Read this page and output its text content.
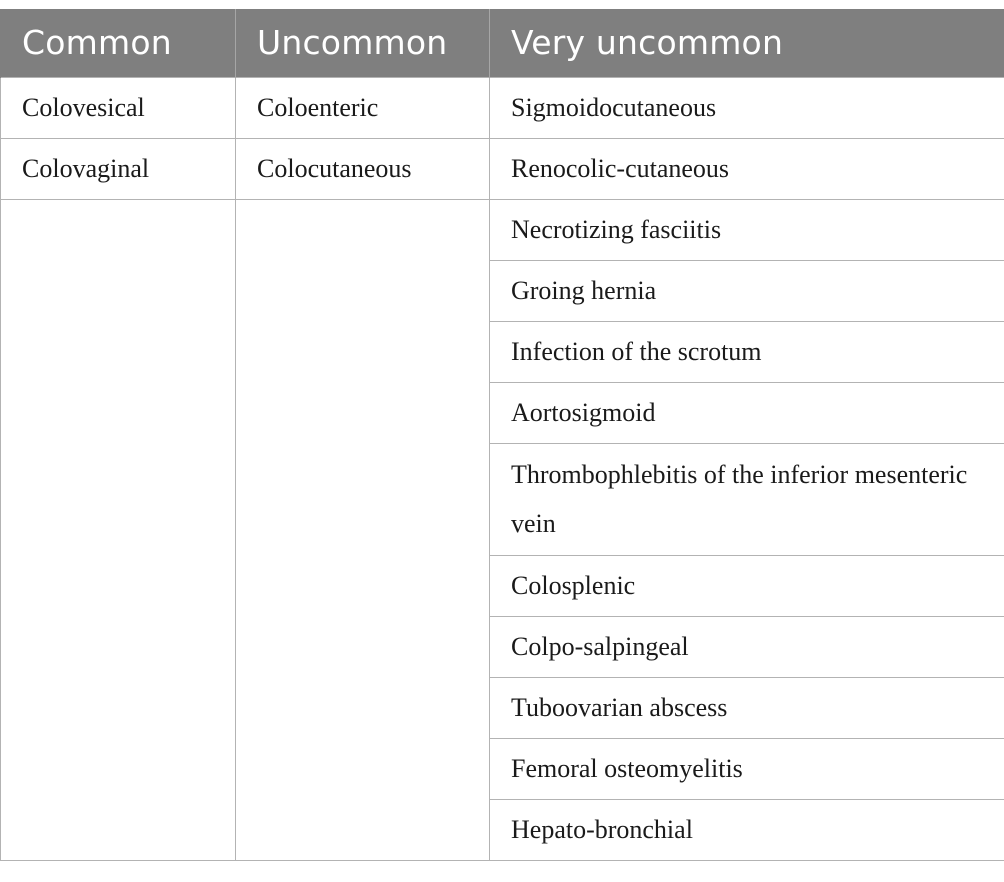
Common	Uncommon	Very uncommon
Colovesical	Coloenteric	Sigmoidocutaneous
Colovaginal	Colocutaneous	Renocolic-cutaneous
		Necrotizing fasciitis
		Groing hernia
		Infection of the scrotum
		Aortosigmoid
		Thrombophlebitis of the inferior mesenteric vein
		Colosplenic
		Colpo-salpingeal
		Tuboovarian abscess
		Femoral osteomyelitis
		Hepato-bronchial
